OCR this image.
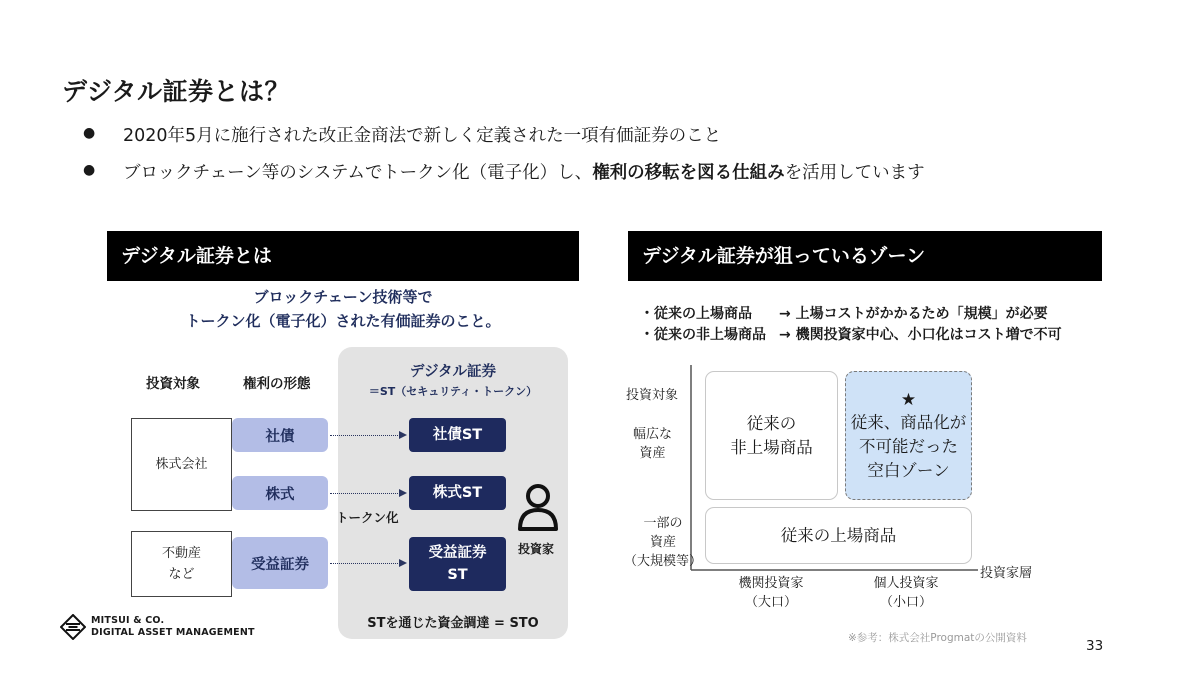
デジタル証券とは？
● 2020年5月に施行された改正金商法で新しく定義された一項有価証券のこと
● ブロックチェーン等のシステムでトークン化（電子化）し、権利の移転を図る仕組みを活用しています
デジタル証券とは
ブロックチェーン技術等で
トークン化（電子化）された有価証券のこと。
投資対象	権利の形態
デジタル証券
＝ST（セキュリティ・トークン）
株式会社
不動産
など
社債
株式
受益証券
トークン化
社債ST
株式ST
受益証券
ST
投資家
STを通じた資金調達 = STO
デジタル証券が狙っているゾーン
・従来の上場商品 → 上場コストがかかるため「規模」が必要
・従来の非上場商品 → 機関投資家中心、小口化はコスト増で不可
投資対象
幅広な
資産
一部の
資産
（大規模等）
投資家層
機関投資家
（大口）
個人投資家
（小口）
従来の
非上場商品
★
従来、商品化が
不可能だった
空白ゾーン
従来の上場商品
※参考：株式会社Progmatの公開資料	33
MITSUI & CO.
DIGITAL ASSET MANAGEMENT
